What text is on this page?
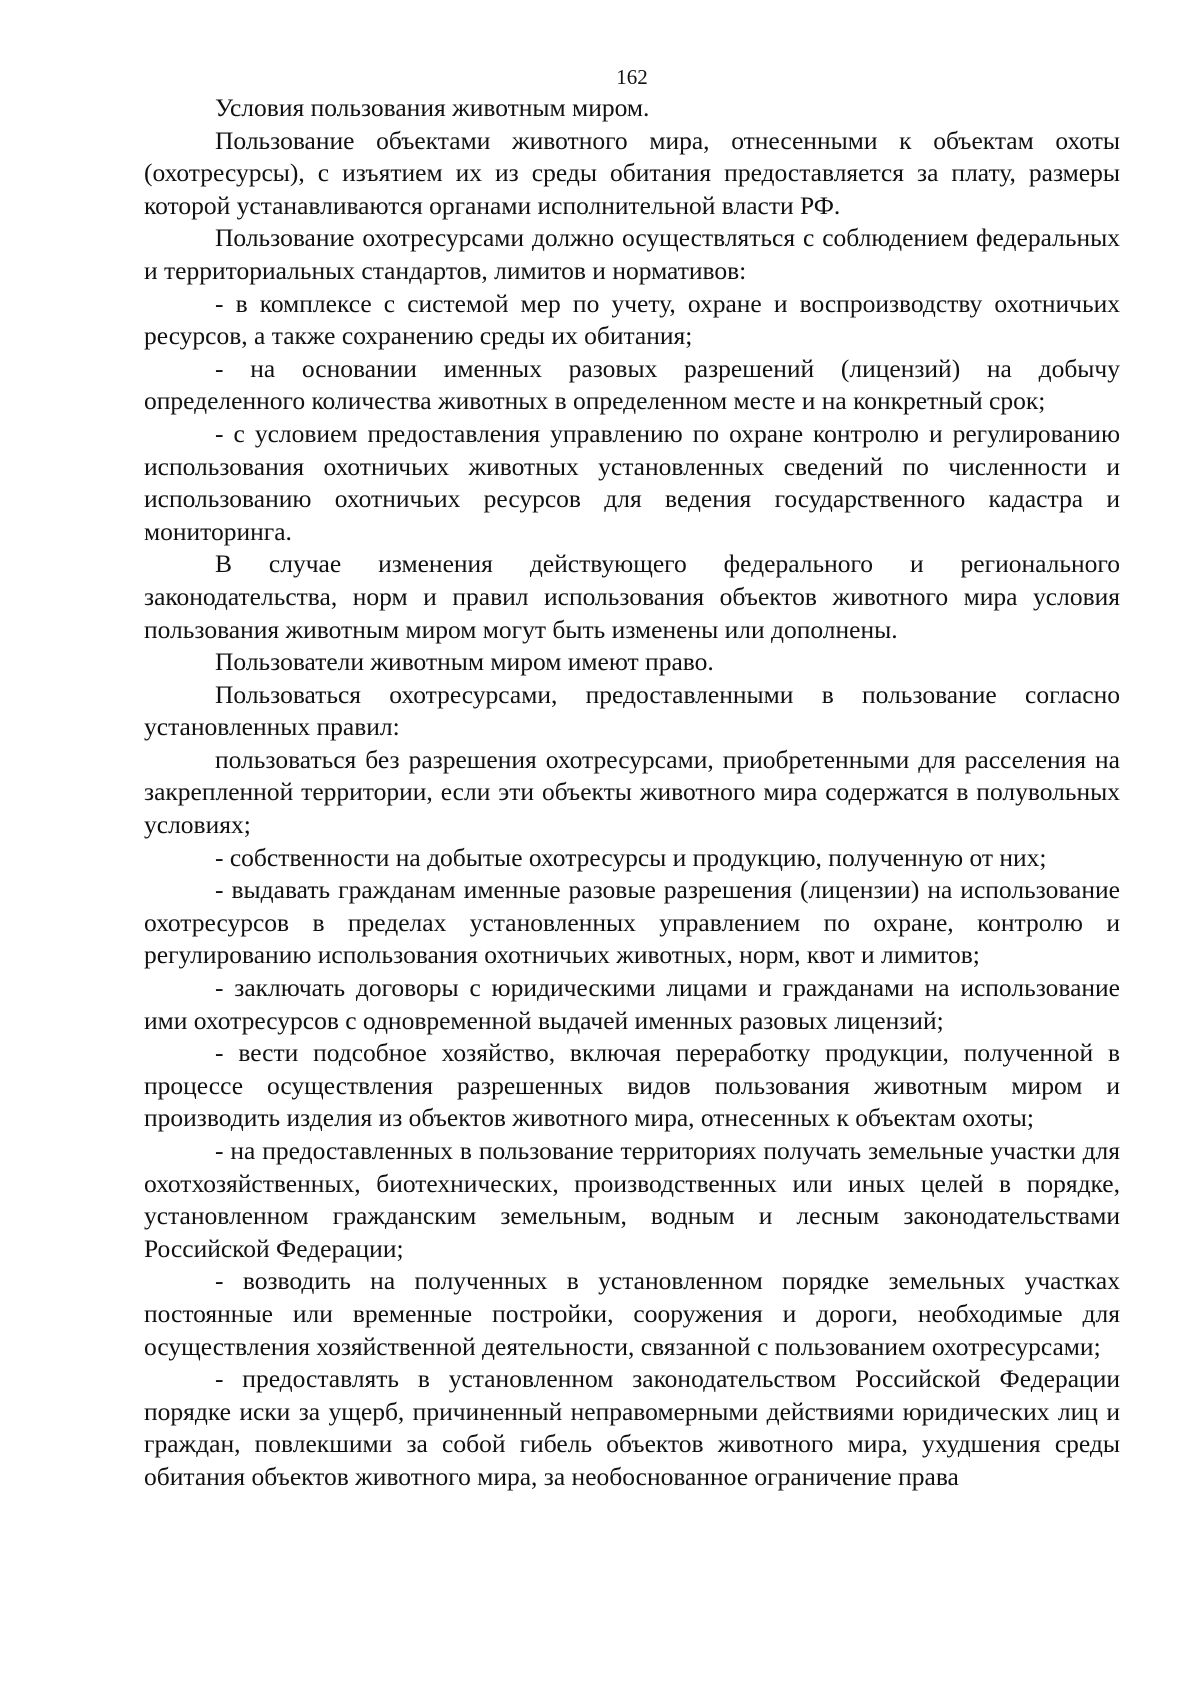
162

Условия пользования животным миром.

Пользование объектами животного мира, отнесенными к объектам охоты (охотресурсы), с изъятием их из среды обитания предоставляется за плату, размеры которой устанавливаются органами исполнительной власти РФ.

Пользование охотресурсами должно осуществляться с соблюдением федеральных и территориальных стандартов, лимитов и нормативов:

- в комплексе с системой мер по учету, охране и воспроизводству охотничьих ресурсов, а также сохранению среды их обитания;

- на основании именных разовых разрешений (лицензий) на добычу определенного количества животных в определенном месте и на конкретный срок;

- с условием предоставления управлению по охране контролю и регулированию использования охотничьих животных установленных сведений по численности и использованию охотничьих ресурсов для ведения государственного кадастра и мониторинга.

В случае изменения действующего федерального и регионального законодательства, норм и правил использования объектов животного мира условия пользования животным миром могут быть изменены или дополнены.

Пользователи животным миром имеют право.

Пользоваться охотресурсами, предоставленными в пользование согласно установленных правил:

пользоваться без разрешения охотресурсами, приобретенными для расселения на закрепленной территории, если эти объекты животного мира содержатся в полувольных условиях;

- собственности на добытые охотресурсы и продукцию, полученную от них;

- выдавать гражданам именные разовые разрешения (лицензии) на использование охотресурсов в пределах установленных управлением по охране, контролю и регулированию использования охотничьих животных, норм, квот и лимитов;

- заключать договоры с юридическими лицами и гражданами на использование ими охотресурсов с одновременной выдачей именных разовых лицензий;

- вести подсобное хозяйство, включая переработку продукции, полученной в процессе осуществления разрешенных видов пользования животным миром и производить изделия из объектов животного мира, отнесенных к объектам охоты;

- на предоставленных в пользование территориях получать земельные участки для охотхозяйственных, биотехнических, производственных или иных целей в порядке, установленном гражданским земельным, водным и лесным законодательствами Российской Федерации;

- возводить на полученных в установленном порядке земельных участках постоянные или временные постройки, сооружения и дороги, необходимые для осуществления хозяйственной деятельности, связанной с пользованием охотресурсами;

- предоставлять в установленном законодательством Российской Федерации порядке иски за ущерб, причиненный неправомерными действиями юридических лиц и граждан, повлекшими за собой гибель объектов животного мира, ухудшения среды обитания объектов животного мира, за необоснованное ограничение права
